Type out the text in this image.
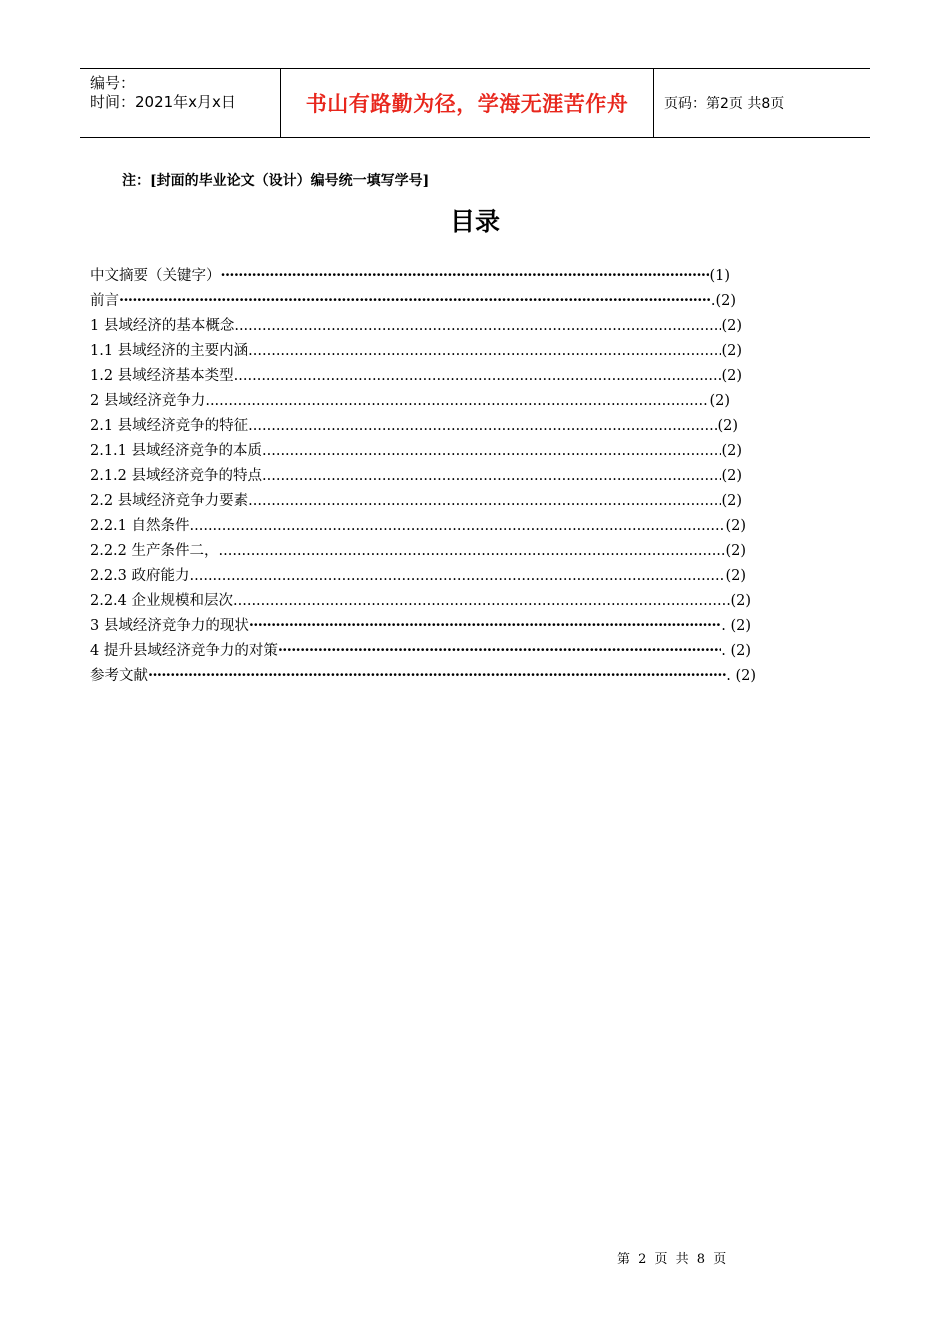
编号：
时间：2021年x月x日	书山有路勤为径，学海无涯苦作舟	页码：第2页 共8页
注：[封面的毕业论文（设计）编号统一填写学号]
目录
中文摘要（关键字） ·····	(1)
前言 ·····	.(2)
1 县域经济的基本概念 .....	(2)
1.1 县域经济的主要内涵 .....	(2)
1.2 县域经济基本类型 .....	(2)
2 县域经济竞争力 .....	(2)
2.1 县域经济竞争的特征 .....	(2)
2.1.1 县域经济竞争的本质 .....	(2)
2.1.2 县域经济竞争的特点 .....	(2)
2.2 县域经济竞争力要素 .....	(2)
2.2.1 自然条件 .....	(2)
2.2.2 生产条件二， .....	(2)
2.2.3 政府能力 .....	(2)
2.2.4 企业规模和层次 .....	(2)
3 县域经济竞争力的现状 ·····	. (2)
4 提升县域经济竞争力的对策 ·····	. (2)
参考文献 ·····	. (2)
第 2 页 共 8 页
